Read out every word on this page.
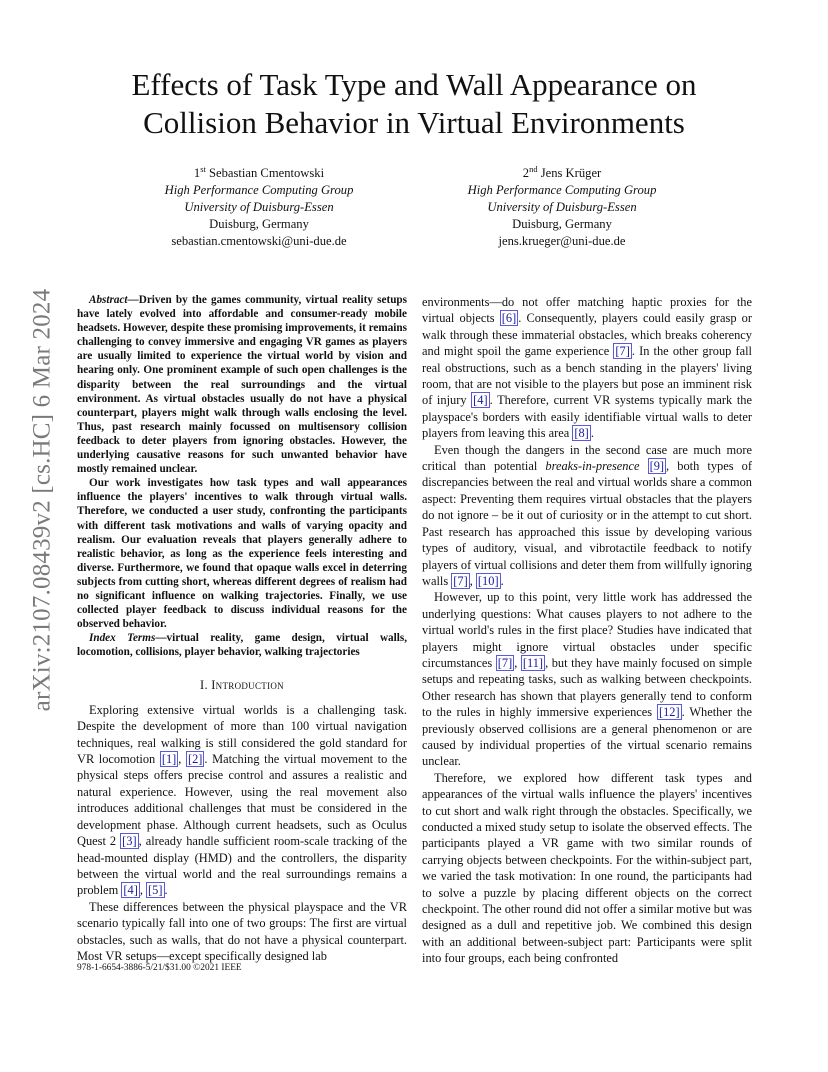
arXiv:2107.08439v2 [cs.HC] 6 Mar 2024
Effects of Task Type and Wall Appearance on
Collision Behavior in Virtual Environments
1st Sebastian Cmentowski
High Performance Computing Group
University of Duisburg-Essen
Duisburg, Germany
sebastian.cmentowski@uni-due.de
2nd Jens Krüger
High Performance Computing Group
University of Duisburg-Essen
Duisburg, Germany
jens.krueger@uni-due.de

Abstract—Driven by the games community, virtual reality setups have lately evolved into affordable and consumer-ready mobile headsets. However, despite these promising improvements, it remains challenging to convey immersive and engaging VR games as players are usually limited to experience the virtual world by vision and hearing only. One prominent example of such open challenges is the disparity between the real surroundings and the virtual environment. As virtual obstacles usually do not have a physical counterpart, players might walk through walls enclosing the level. Thus, past research mainly focussed on multisensory collision feedback to deter players from ignoring obstacles. However, the underlying causative reasons for such unwanted behavior have mostly remained unclear.

Our work investigates how task types and wall appearances influence the players' incentives to walk through virtual walls. Therefore, we conducted a user study, confronting the participants with different task motivations and walls of varying opacity and realism. Our evaluation reveals that players generally adhere to realistic behavior, as long as the experience feels interesting and diverse. Furthermore, we found that opaque walls excel in deterring subjects from cutting short, whereas different degrees of realism had no significant influence on walking trajectories. Finally, we use collected player feedback to discuss individual reasons for the observed behavior.

Index Terms—virtual reality, game design, virtual walls, locomotion, collisions, player behavior, walking trajectories

I. Introduction

Exploring extensive virtual worlds is a challenging task. Despite the development of more than 100 virtual navigation techniques, real walking is still considered the gold standard for VR locomotion [1] , [2] . Matching the virtual movement to the physical steps offers precise control and assures a realistic and natural experience. However, using the real movement also introduces additional challenges that must be considered in the development phase. Although current headsets, such as Oculus Quest 2 [3] , already handle sufficient room-scale tracking of the head-mounted display (HMD) and the controllers, the disparity between the virtual world and the real surroundings remains a problem [4] , [5] .

These differences between the physical playspace and the VR scenario typically fall into one of two groups: The first are virtual obstacles, such as walls, that do not have a physical counterpart. Most VR setups—except specifically designed lab

environments—do not offer matching haptic proxies for the virtual objects [6] . Consequently, players could easily grasp or walk through these immaterial obstacles, which breaks coherency and might spoil the game experience [7] . In the other group fall real obstructions, such as a bench standing in the players' living room, that are not visible to the players but pose an imminent risk of injury [4] . Therefore, current VR systems typically mark the playspace's borders with easily identifiable virtual walls to deter players from leaving this area [8] .

Even though the dangers in the second case are much more critical than potential breaks-in-presence [9] , both types of discrepancies between the real and virtual worlds share a common aspect: Preventing them requires virtual obstacles that the players do not ignore – be it out of curiosity or in the attempt to cut short. Past research has approached this issue by developing various types of auditory, visual, and vibrotactile feedback to notify players of virtual collisions and deter them from willfully ignoring walls [7] , [10] .

However, up to this point, very little work has addressed the underlying questions: What causes players to not adhere to the virtual world's rules in the first place? Studies have indicated that players might ignore virtual obstacles under specific circumstances [7] , [11] , but they have mainly focused on simple setups and repeating tasks, such as walking between checkpoints. Other research has shown that players generally tend to conform to the rules in highly immersive experiences [12] . Whether the previously observed collisions are a general phenomenon or are caused by individual properties of the virtual scenario remains unclear.

Therefore, we explored how different task types and appearances of the virtual walls influence the players' incentives to cut short and walk right through the obstacles. Specifically, we conducted a mixed study setup to isolate the observed effects. The participants played a VR game with two similar rounds of carrying objects between checkpoints. For the within-subject part, we varied the task motivation: In one round, the participants had to solve a puzzle by placing different objects on the correct checkpoint. The other round did not offer a similar motive but was designed as a dull and repetitive job. We combined this design with an additional between-subject part: Participants were split into four groups, each being confronted

978-1-6654-3886-5/21/$31.00 ©2021 IEEE
